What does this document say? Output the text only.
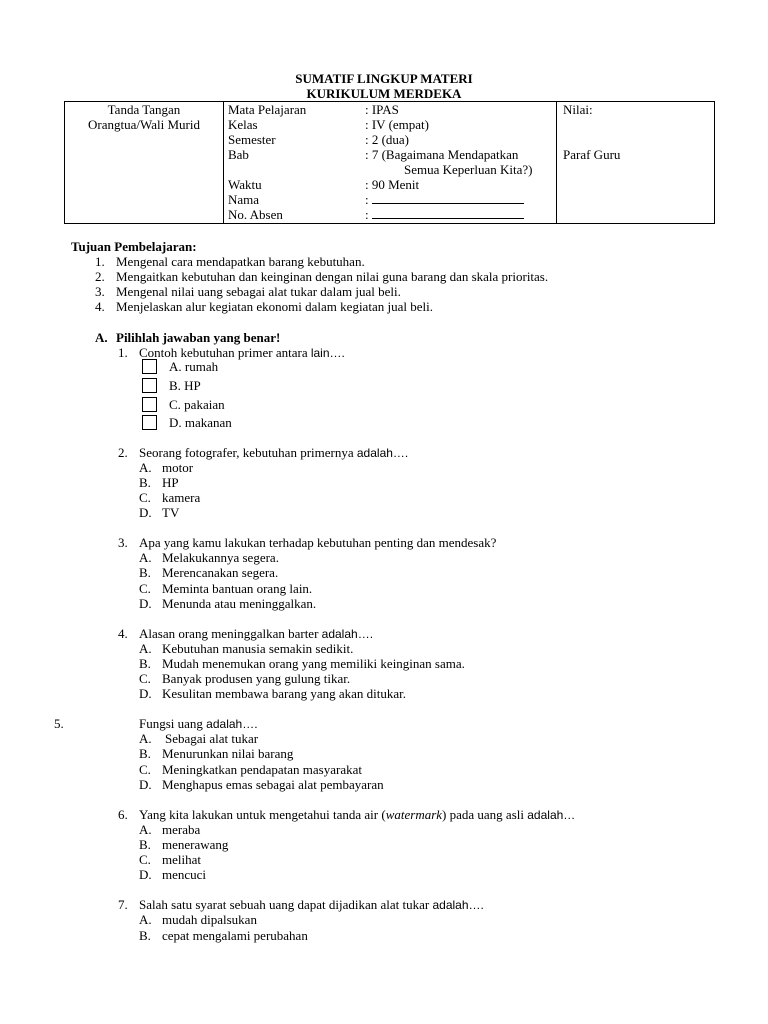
SUMATIF LINGKUP MATERI
KURIKULUM MERDEKA
Tanda Tangan
Orangtua/Wali Murid

Mata Pelajaran	: IPAS
Kelas	: IV (empat)
Semester	: 2 (dua)
Bab	: 7 (Bagaimana Mendapatkan
Semua Keperluan Kita?)
Waktu	: 90 Menit
Nama	:
No. Absen	:

Nilai:
Paraf Guru
Tujuan Pembelajaran:
1. Mengenal cara mendapatkan barang kebutuhan.
2. Mengaitkan kebutuhan dan keinginan dengan nilai guna barang dan skala prioritas.
3. Mengenal nilai uang sebagai alat tukar dalam jual beli.
4. Menjelaskan alur kegiatan ekonomi dalam kegiatan jual beli.
A. Pilihlah jawaban yang benar!
1. Contoh kebutuhan primer antara lain….
A. rumah
B. HP
C. pakaian
D. makanan
2. Seorang fotografer, kebutuhan primernya adalah….
A. motor
B. HP
C. kamera
D. TV
3. Apa yang kamu lakukan terhadap kebutuhan penting dan mendesak?
A. Melakukannya segera.
B. Merencanakan segera.
C. Meminta bantuan orang lain.
D. Menunda atau meninggalkan.
4. Alasan orang meninggalkan barter adalah….
A. Kebutuhan manusia semakin sedikit.
B. Mudah menemukan orang yang memiliki keinginan sama.
C. Banyak produsen yang gulung tikar.
D. Kesulitan membawa barang yang akan ditukar.
5.	Fungsi uang adalah….
A. Sebagai alat tukar
B. Menurunkan nilai barang
C. Meningkatkan pendapatan masyarakat
D. Menghapus emas sebagai alat pembayaran
6. Yang kita lakukan untuk mengetahui tanda air (watermark) pada uang asli adalah…
A. meraba
B. menerawang
C. melihat
D. mencuci
7. Salah satu syarat sebuah uang dapat dijadikan alat tukar adalah….
A. mudah dipalsukan
B. cepat mengalami perubahan
